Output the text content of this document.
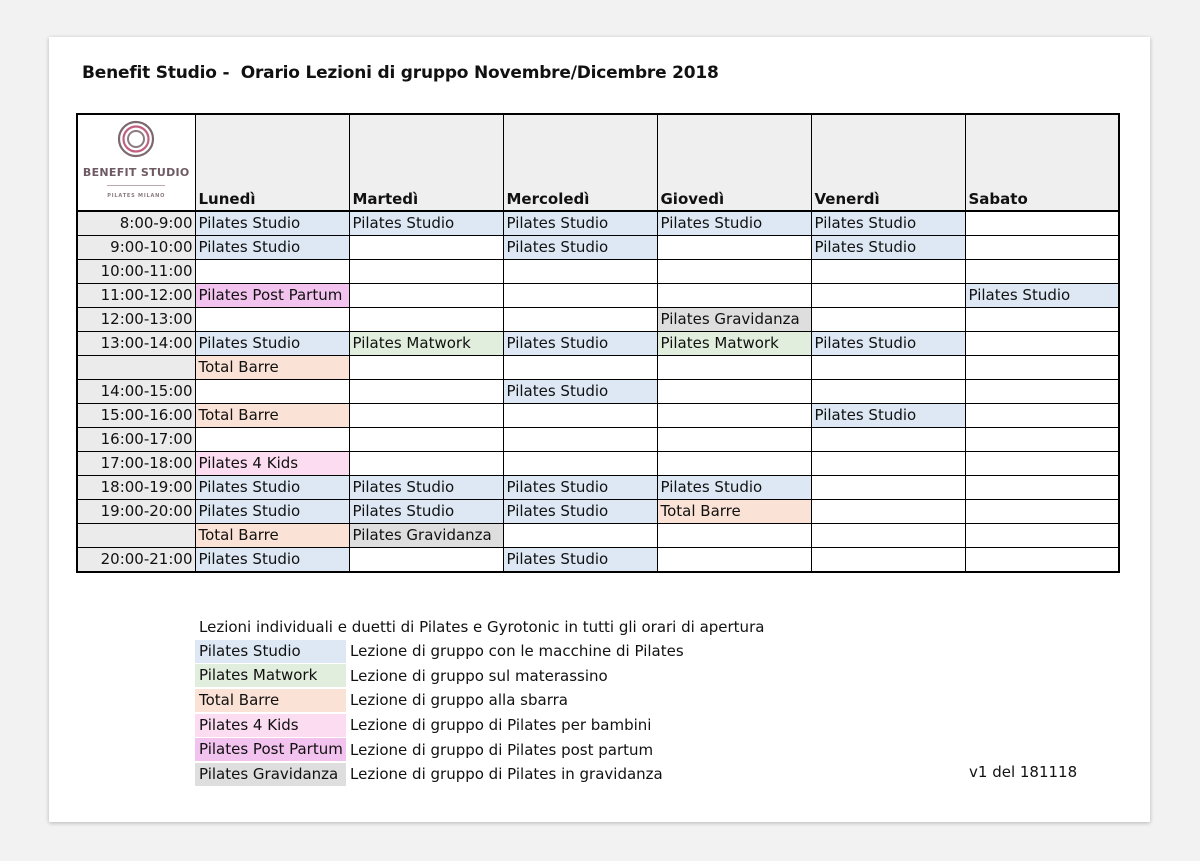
Benefit Studio -  Orario Lezioni di gruppo Novembre/Dicembre 2018
BENEFIT STUDIO
PILATES MILANO	Lunedì	Martedì	Mercoledì	Giovedì	Venerdì	Sabato
8:00-9:00	Pilates Studio	Pilates Studio	Pilates Studio	Pilates Studio	Pilates Studio	
9:00-10:00	Pilates Studio		Pilates Studio		Pilates Studio	
10:00-11:00						
11:00-12:00	Pilates Post Partum					Pilates Studio
12:00-13:00				Pilates Gravidanza		
13:00-14:00	Pilates Studio	Pilates Matwork	Pilates Studio	Pilates Matwork	Pilates Studio	
	Total Barre					
14:00-15:00			Pilates Studio			
15:00-16:00	Total Barre				Pilates Studio	
16:00-17:00						
17:00-18:00	Pilates 4 Kids					
18:00-19:00	Pilates Studio	Pilates Studio	Pilates Studio	Pilates Studio		
19:00-20:00	Pilates Studio	Pilates Studio	Pilates Studio	Total Barre		
	Total Barre	Pilates Gravidanza				
20:00-21:00	Pilates Studio		Pilates Studio			
Lezioni individuali e duetti di Pilates e Gyrotonic in tutti gli orari di apertura
Pilates Studio	Lezione di gruppo con le macchine di Pilates
Pilates Matwork	Lezione di gruppo sul materassino
Total Barre	Lezione di gruppo alla sbarra
Pilates 4 Kids	Lezione di gruppo di Pilates per bambini
Pilates Post Partum Lezione di gruppo di Pilates post partum
Pilates Gravidanza Lezione di gruppo di Pilates in gravidanza	v1 del 181118
